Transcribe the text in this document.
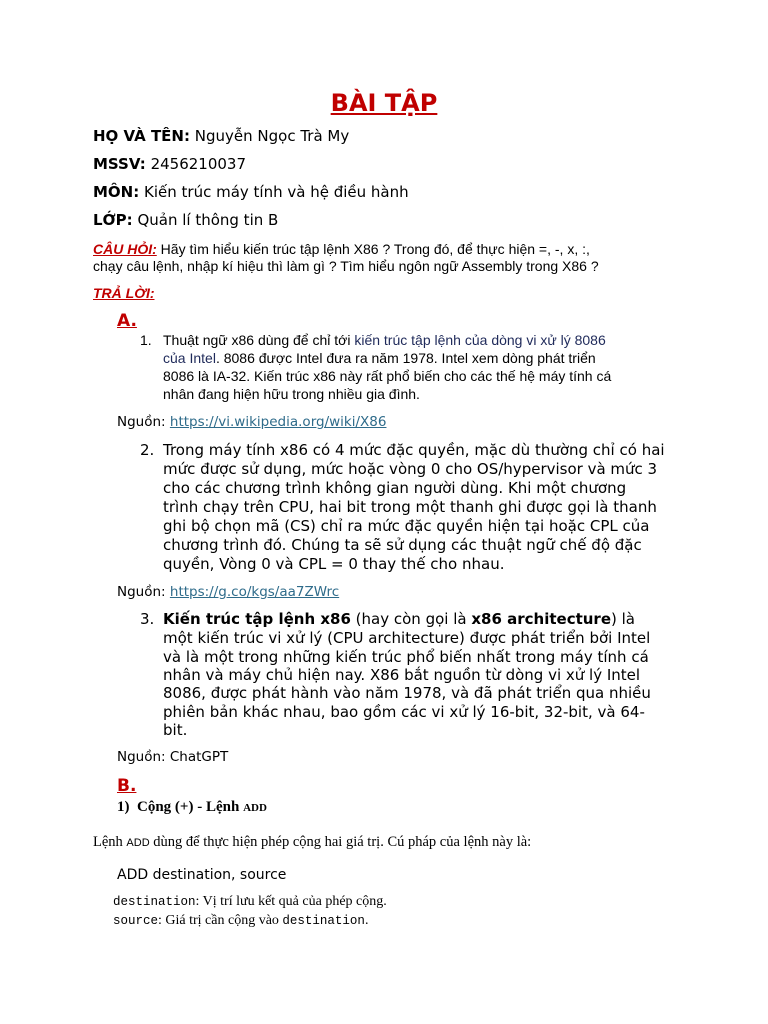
BÀI TẬP
HỌ VÀ TÊN: Nguyễn Ngọc Trà My
MSSV: 2456210037
MÔN: Kiến trúc máy tính và hệ điều hành
LỚP: Quản lí thông tin B
CÂU HỎI: Hãy tìm hiểu kiến trúc tập lệnh X86 ? Trong đó, để thực hiện =, -, x, :,
chạy câu lệnh, nhập kí hiệu thì làm gì ? Tìm hiểu ngôn ngữ Assembly trong X86 ?
TRẢ LỜI:
A.
1. Thuật ngữ x86 dùng để chỉ tới kiến trúc tập lệnh của dòng vi xử lý 8086
của Intel. 8086 được Intel đưa ra năm 1978. Intel xem dòng phát triển
8086 là IA-32. Kiến trúc x86 này rất phổ biến cho các thế hệ máy tính cá
nhân đang hiện hữu trong nhiều gia đình.
Nguồn: https://vi.wikipedia.org/wiki/X86
2. Trong máy tính x86 có 4 mức đặc quyền, mặc dù thường chỉ có hai
mức được sử dụng, mức hoặc vòng 0 cho OS/hypervisor và mức 3
cho các chương trình không gian người dùng. Khi một chương
trình chạy trên CPU, hai bit trong một thanh ghi được gọi là thanh
ghi bộ chọn mã (CS) chỉ ra mức đặc quyền hiện tại hoặc CPL của
chương trình đó. Chúng ta sẽ sử dụng các thuật ngữ chế độ đặc
quyền, Vòng 0 và CPL = 0 thay thế cho nhau.
Nguồn: https://g.co/kgs/aa7ZWrc
3. Kiến trúc tập lệnh x86 (hay còn gọi là x86 architecture) là
một kiến trúc vi xử lý (CPU architecture) được phát triển bởi Intel
và là một trong những kiến trúc phổ biến nhất trong máy tính cá
nhân và máy chủ hiện nay. X86 bắt nguồn từ dòng vi xử lý Intel
8086, được phát hành vào năm 1978, và đã phát triển qua nhiều
phiên bản khác nhau, bao gồm các vi xử lý 16-bit, 32-bit, và 64-
bit.
Nguồn: ChatGPT
B.
1) Cộng (+) - Lệnh ADD
Lệnh ADD dùng để thực hiện phép cộng hai giá trị. Cú pháp của lệnh này là:
ADD destination, source
destination: Vị trí lưu kết quả của phép cộng.
source: Giá trị cần cộng vào destination.
